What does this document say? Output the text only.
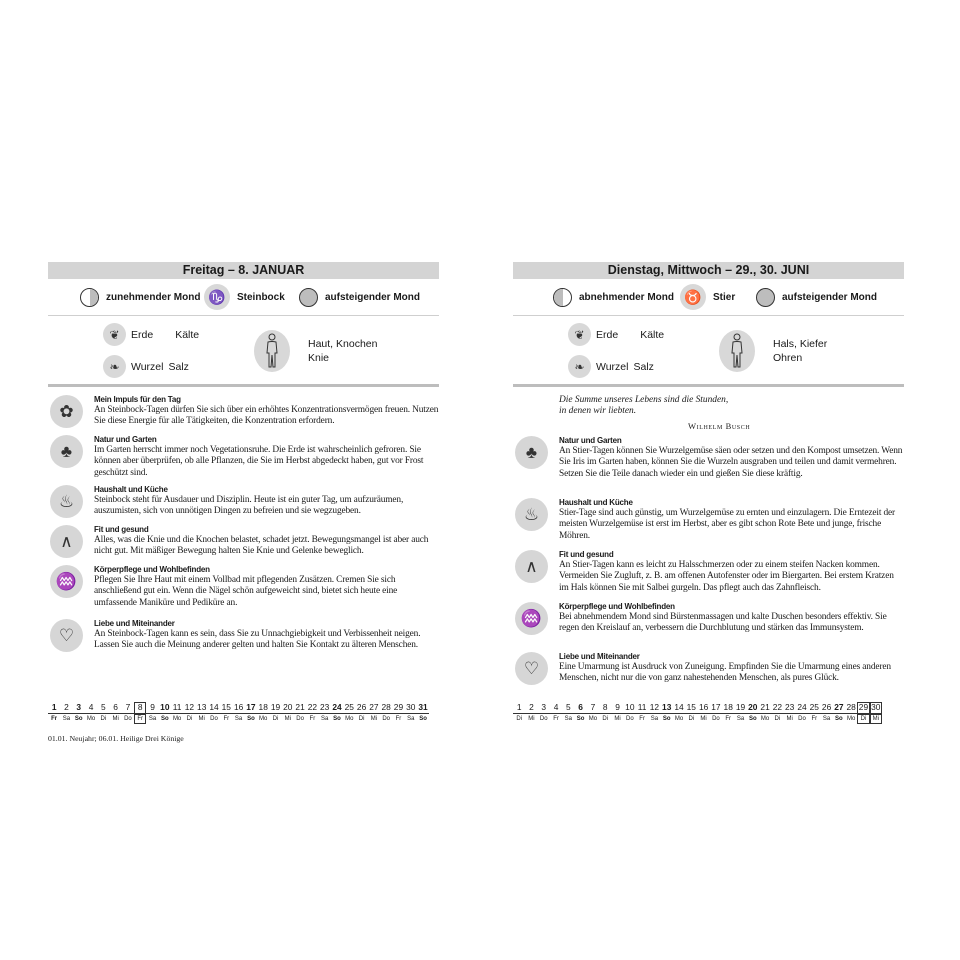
Freitag – 8. JANUAR
zunehmender Mond ♑	Steinbock	aufsteigender Mond
❦	Erde Kälte
❧	Wurzel Salz
Haut, Knochen
Knie
✿
Mein Impuls für den Tag
An Steinbock-Tagen dürfen Sie sich über ein erhöhtes Konzentrationsvermögen freuen. Nutzen Sie diese Energie für alle Tätigkeiten, die Konzentration erfordern.
♣
Natur und Garten
Im Garten herrscht immer noch Vegetationsruhe. Die Erde ist wahrscheinlich gefroren. Sie können aber überprüfen, ob alle Pflanzen, die Sie im Herbst abgedeckt haben, gut vor Frost geschützt sind.
♨
Haushalt und Küche
Steinbock steht für Ausdauer und Disziplin. Heute ist ein guter Tag, um aufzuräumen, auszumisten, sich von unnötigen Dingen zu befreien und sie wegzugeben.
∧
Fit und gesund
Alles, was die Knie und die Knochen belastet, schadet jetzt. Bewegungsmangel ist aber auch nicht gut. Mit mäßiger Bewegung halten Sie Knie und Gelenke beweglich.
♒
Körperpflege und Wohlbefinden
Pflegen Sie Ihre Haut mit einem Vollbad mit pflegenden Zusätzen. Cremen Sie sich anschließend gut ein. Wenn die Nägel schön aufgeweicht sind, bietet sich heute eine umfassende Maniküre und Pediküre an.
♡
Liebe und Miteinander
An Steinbock-Tagen kann es sein, dass Sie zu Unnachgiebigkeit und Verbissenheit neigen. Lassen Sie auch die Meinung anderer gelten und halten Sie Kontakt zu älteren Menschen.
1	2	3	4	5	6	7	8	9	10	11	12	13	14	15	16	17	18	19	20	21	22	23	24	25	26	27	28	29	30	31
Fr	Sa	So	Mo	Di	Mi	Do	Fr	Sa	So	Mo	Di	Mi	Do	Fr	Sa	So	Mo	Di	Mi	Do	Fr	Sa	So	Mo	Di	Mi	Do	Fr	Sa	So
01.01. Neujahr; 06.01. Heilige Drei Könige
Dienstag, Mittwoch – 29., 30. JUNI
abnehmender Mond ♉	Stier	aufsteigender Mond
❦	Erde Kälte
❧	Wurzel Salz
Hals, Kiefer
Ohren
Die Summe unseres Lebens sind die Stunden,
in denen wir liebten.
Wilhelm Busch
♣
Natur und Garten
An Stier-Tagen können Sie Wurzelgemüse säen oder setzen und den Kompost umsetzen. Wenn Sie Iris im Garten haben, können Sie die Wurzeln ausgraben und teilen und damit vermehren. Setzen Sie die Teile danach wieder ein und gießen Sie diese kräftig.
♨
Haushalt und Küche
Stier-Tage sind auch günstig, um Wurzelgemüse zu ernten und einzulagern. Die Erntezeit der meisten Wurzelgemüse ist erst im Herbst, aber es gibt schon Rote Bete und junge, frische Möhren.
∧
Fit und gesund
An Stier-Tagen kann es leicht zu Halsschmerzen oder zu einem steifen Nacken kommen. Vermeiden Sie Zugluft, z. B. am offenen Autofenster oder im Biergarten. Bei erstem Kratzen im Hals können Sie mit Salbei gurgeln. Das pflegt auch das Zahnfleisch.
♒
Körperpflege und Wohlbefinden
Bei abnehmendem Mond sind Bürstenmassagen und kalte Duschen besonders effektiv. Sie regen den Kreislauf an, verbessern die Durchblutung und stärken das Immunsystem.
♡
Liebe und Miteinander
Eine Umarmung ist Ausdruck von Zuneigung. Empfinden Sie die Umarmung eines anderen Menschen, nicht nur die von ganz nahestehenden Menschen, als pures Glück.
1	2	3	4	5	6	7	8	9	10	11	12	13	14	15	16	17	18	19	20	21	22	23	24	25	26	27	28	29	30
Di	Mi	Do	Fr	Sa	So	Mo	Di	Mi	Do	Fr	Sa	So	Mo	Di	Mi	Do	Fr	Sa	So	Mo	Di	Mi	Do	Fr	Sa	So	Mo	Di	Mi
